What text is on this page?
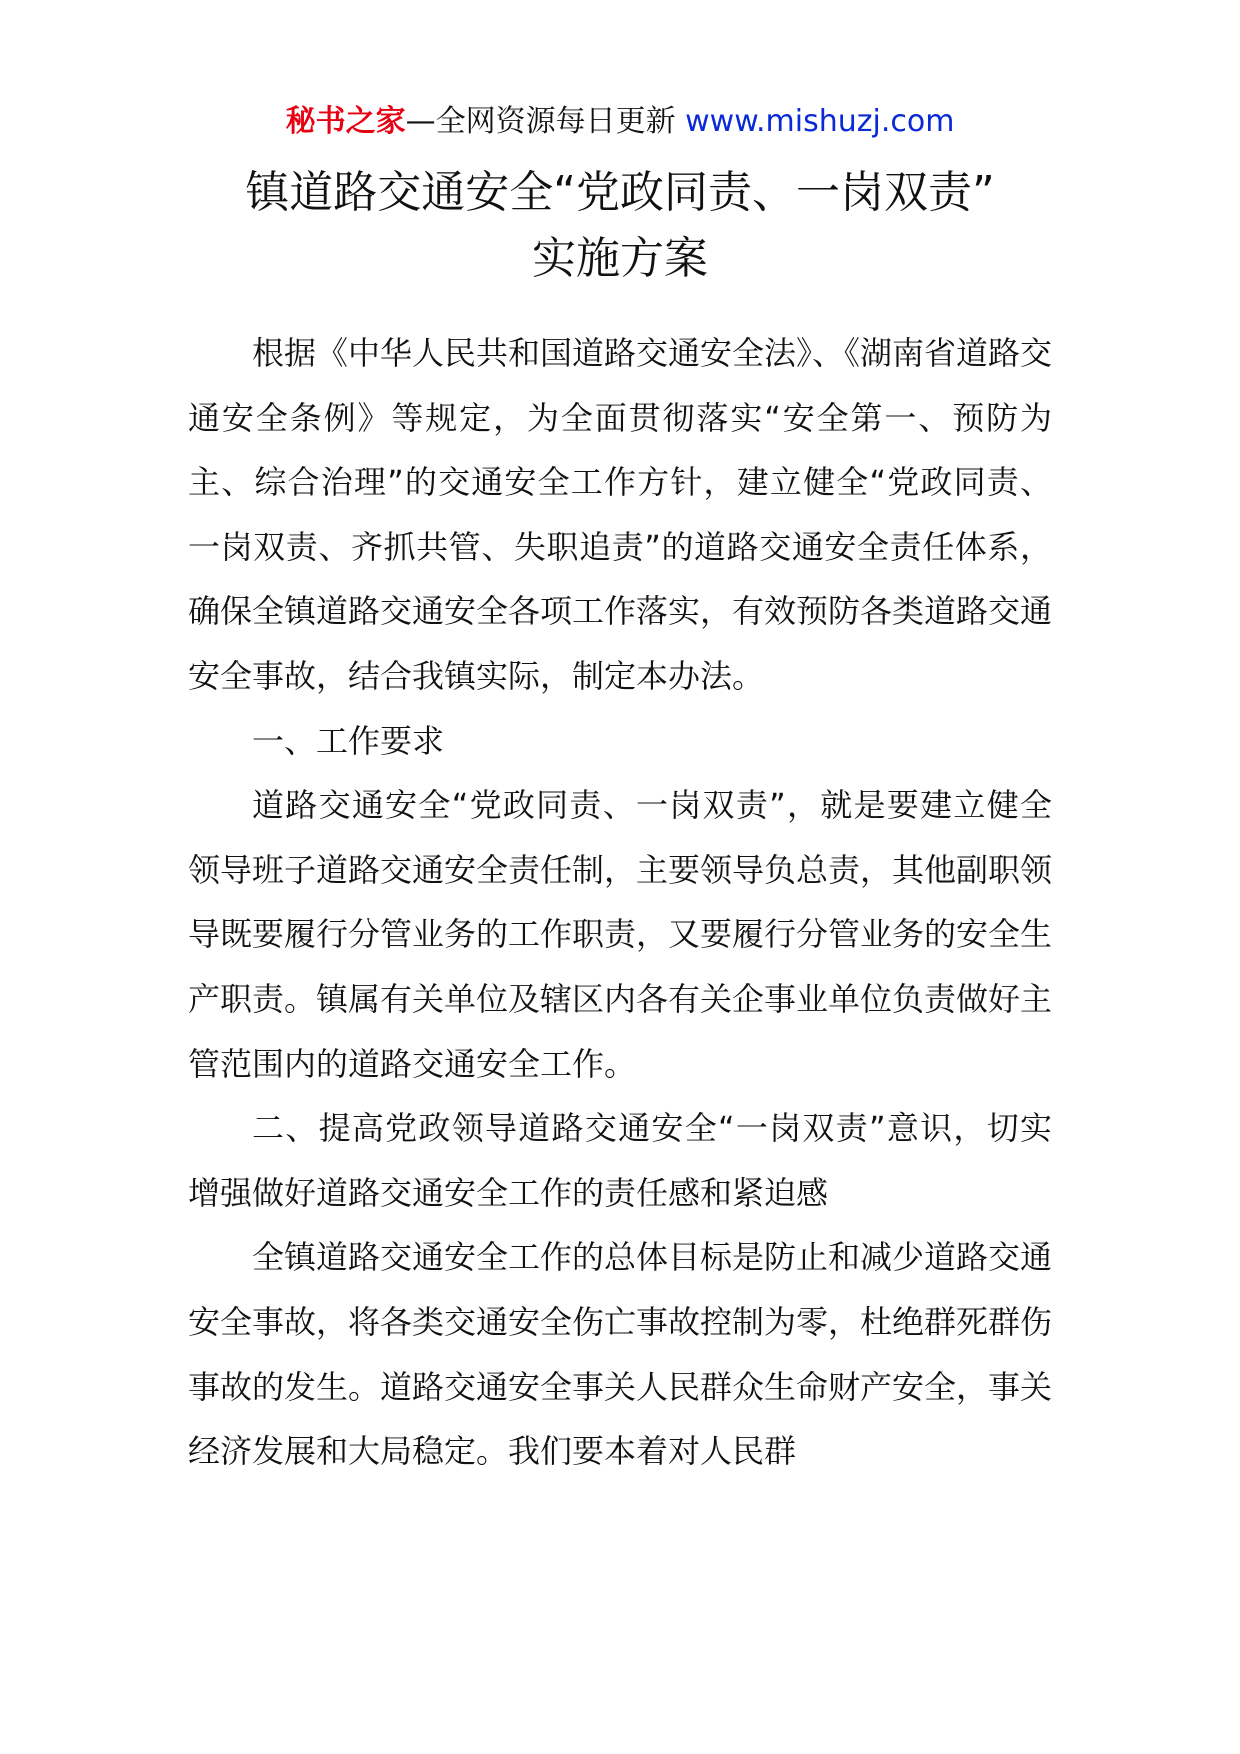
秘书之家—全网资源每日更新 www.mishuzj.com
镇道路交通安全“党政同责、一岗双责”
实施方案

根据《中华人民共和国道路交通安全法》、《湖南省道路交通安全条例》等规定，为全面贯彻落实“安全第一、预防为主、综合治理”的交通安全工作方针，建立健全“党政同责、一岗双责、齐抓共管、失职追责”的道路交通安全责任体系，确保全镇道路交通安全各项工作落实，有效预防各类道路交通安全事故，结合我镇实际，制定本办法。

一、工作要求

道路交通安全“党政同责、一岗双责”，就是要建立健全领导班子道路交通安全责任制，主要领导负总责，其他副职领导既要履行分管业务的工作职责，又要履行分管业务的安全生产职责。镇属有关单位及辖区内各有关企事业单位负责做好主管范围内的道路交通安全工作。

二、提高党政领导道路交通安全“一岗双责”意识，切实增强做好道路交通安全工作的责任感和紧迫感

全镇道路交通安全工作的总体目标是防止和减少道路交通安全事故，将各类交通安全伤亡事故控制为零，杜绝群死群伤事故的发生。道路交通安全事关人民群众生命财产安全，事关经济发展和大局稳定。我们要本着对人民群
